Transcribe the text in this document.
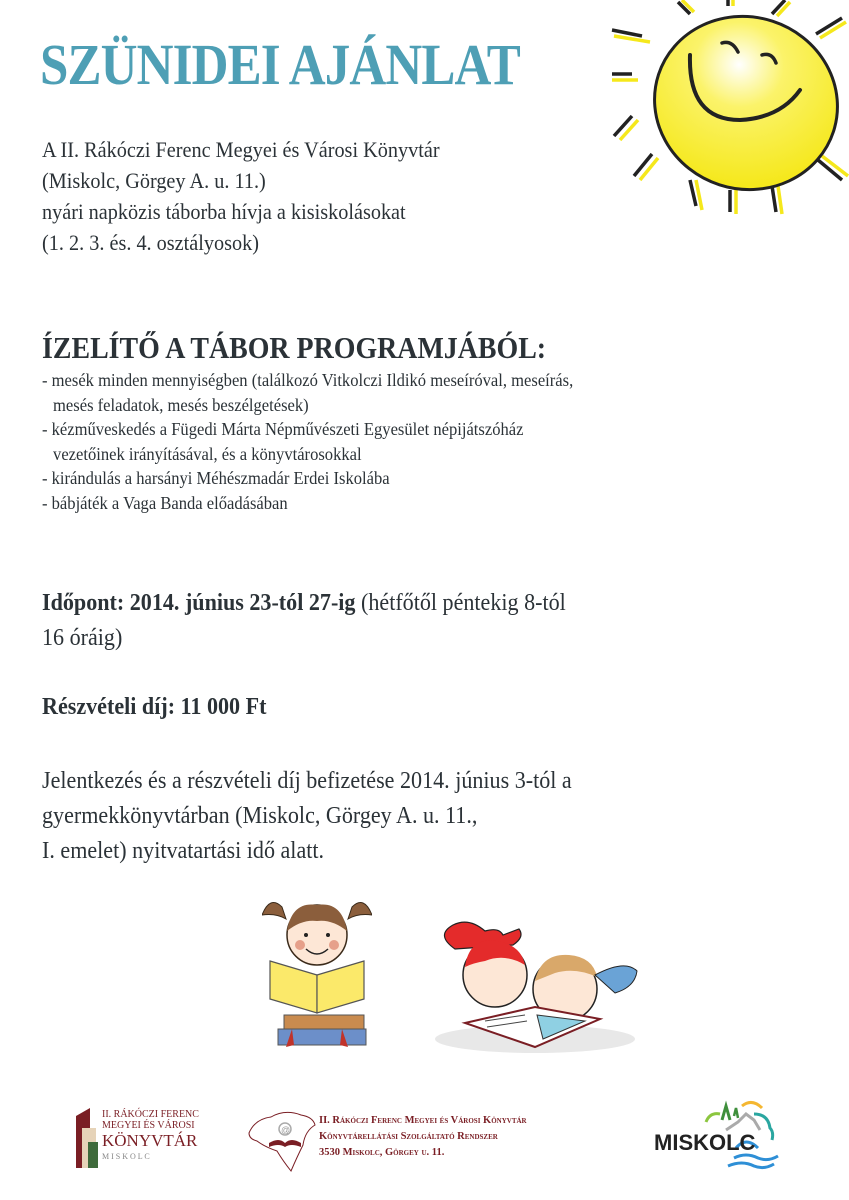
SZÜNIDEI AJÁNLAT
A II. Rákóczi Ferenc Megyei és Városi Könyvtár
(Miskolc, Görgey A. u. 11.)
nyári napközis táborba hívja a kisiskolásokat
(1. 2. 3. és. 4. osztályosok)
ÍZELÍTŐ A TÁBOR PROGRAMJÁBÓL:
- mesék minden mennyiségben (találkozó Vitkolczi Ildikó meseíróval, meseírás,
mesés feladatok, mesés beszélgetések)
- kézműveskedés a Fügedi Márta Népművészeti Egyesület népijátszóház
vezetőinek irányításával, és a könyvtárosokkal
- kirándulás a harsányi Méhészmadár Erdei Iskolába
- bábjáték a Vaga Banda előadásában
Időpont: 2014. június 23-tól 27-ig (hétfőtől péntekig 8-tól
16 óráig)
Részvételi díj: 11 000 Ft
Jelentkezés és a részvételi díj befizetése 2014. június 3-tól a
gyermekkönyvtárban (Miskolc, Görgey A. u. 11.,
I. emelet) nyitvatartási idő alatt.
II. RÁKÓCZI FERENC
MEGYEI ÉS VÁROSI
KÖNYVTÁR
M I S K O L C
@
II. Rákóczi Ferenc Megyei és Városi Könyvtár
Könyvtárellátási Szolgáltató Rendszer
3530 Miskolc, Görgey u. 11.	MISKOLC
